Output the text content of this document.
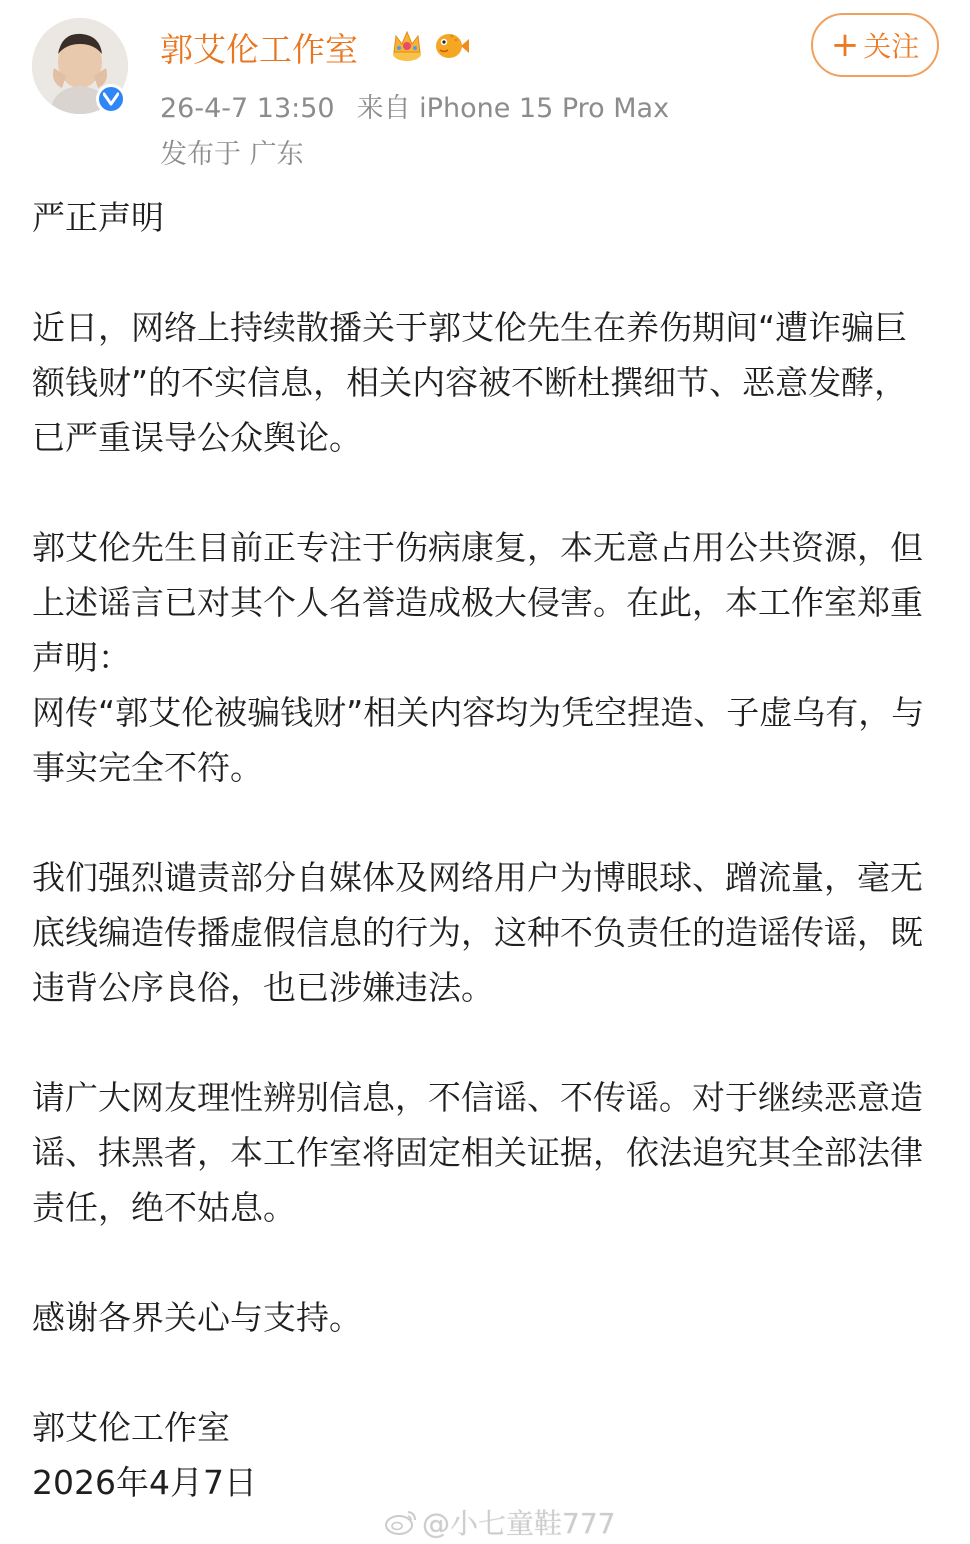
郭艾伦工作室
26-4-7 13:50 来自 iPhone 15 Pro Max
发布于 广东
+ 关注

严正声明

近日，网络上持续散播关于郭艾伦先生在养伤期间“遭诈骗巨额钱财”的不实信息，相关内容被不断杜撰细节、恶意发酵，已严重误导公众舆论。

郭艾伦先生目前正专注于伤病康复，本无意占用公共资源，但上述谣言已对其个人名誉造成极大侵害。在此，本工作室郑重声明：

网传“郭艾伦被骗钱财”相关内容均为凭空捏造、子虚乌有，与事实完全不符。

我们强烈谴责部分自媒体及网络用户为博眼球、蹭流量，毫无底线编造传播虚假信息的行为，这种不负责任的造谣传谣，既违背公序良俗，也已涉嫌违法。

请广大网友理性辨别信息，不信谣、不传谣。对于继续恶意造谣、抹黑者，本工作室将固定相关证据，依法追究其全部法律责任，绝不姑息。

感谢各界关心与支持。

郭艾伦工作室

2026年4月7日

@小七童鞋777
